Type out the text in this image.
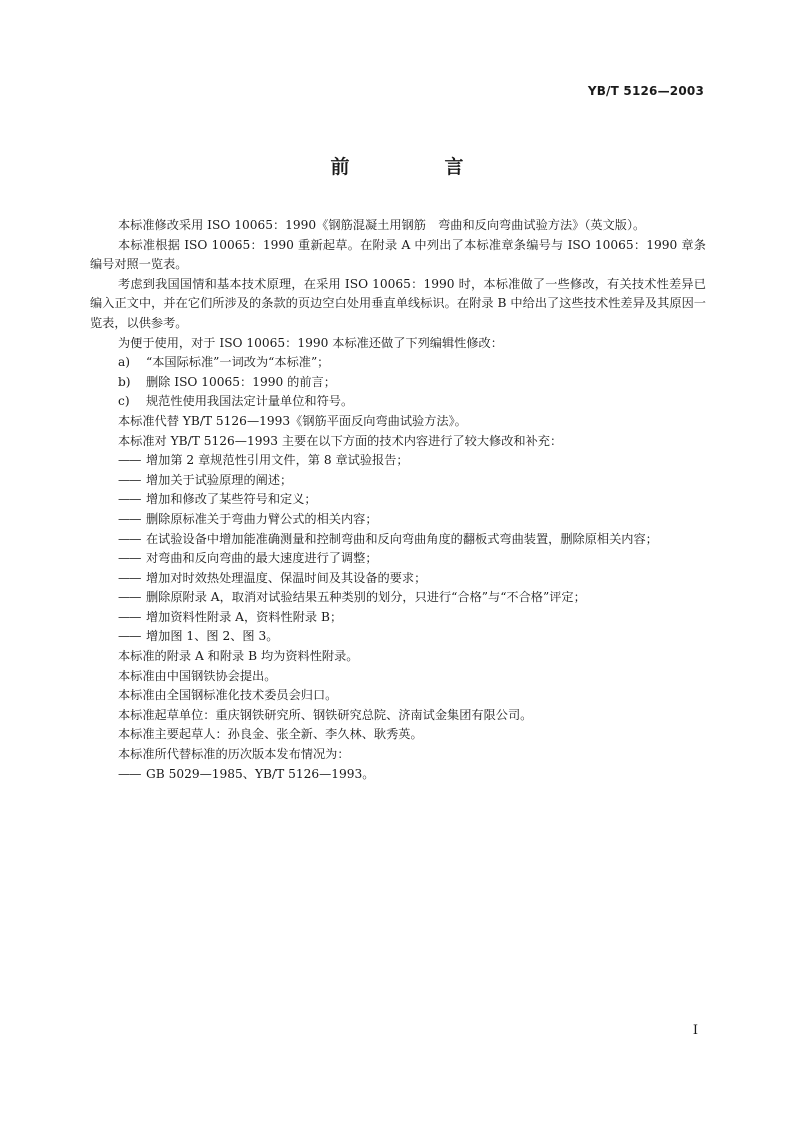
YB/T 5126—2003
前　言

本标准修改采用 ISO 10065：1990《钢筋混凝土用钢筋　弯曲和反向弯曲试验方法》（英文版）。

本标准根据 ISO 10065：1990 重新起草。在附录 A 中列出了本标准章条编号与 ISO 10065：1990 章条编号对照一览表。

考虑到我国国情和基本技术原理，在采用 ISO 10065：1990 时，本标准做了一些修改，有关技术性差异已编入正文中，并在它们所涉及的条款的页边空白处用垂直单线标识。在附录 B 中给出了这些技术性差异及其原因一览表，以供参考。

为便于使用，对于 ISO 10065：1990 本标准还做了下列编辑性修改：

a)	“本国际标准”一词改为“本标准”；
b)	删除 ISO 10065：1990 的前言；
c)	规范性使用我国法定计量单位和符号。

本标准代替 YB/T 5126—1993《钢筋平面反向弯曲试验方法》。

本标准对 YB/T 5126—1993 主要在以下方面的技术内容进行了较大修改和补充：

—— 增加第 2 章规范性引用文件，第 8 章试验报告；
—— 增加关于试验原理的阐述；
—— 增加和修改了某些符号和定义；
—— 删除原标准关于弯曲力臂公式的相关内容；
—— 在试验设备中增加能准确测量和控制弯曲和反向弯曲角度的翻板式弯曲装置，删除原相关内容；
—— 对弯曲和反向弯曲的最大速度进行了调整；
—— 增加对时效热处理温度、保温时间及其设备的要求；
—— 删除原附录 A，取消对试验结果五种类别的划分，只进行“合格”与“不合格”评定；
—— 增加资料性附录 A，资料性附录 B；
—— 增加图 1、图 2、图 3。

本标准的附录 A 和附录 B 均为资料性附录。

本标准由中国钢铁协会提出。

本标准由全国钢标准化技术委员会归口。

本标准起草单位：重庆钢铁研究所、钢铁研究总院、济南试金集团有限公司。

本标准主要起草人：孙良金、张全新、李久林、耿秀英。

本标准所代替标准的历次版本发布情况为：

—— GB 5029—1985、YB/T 5126—1993。
I
